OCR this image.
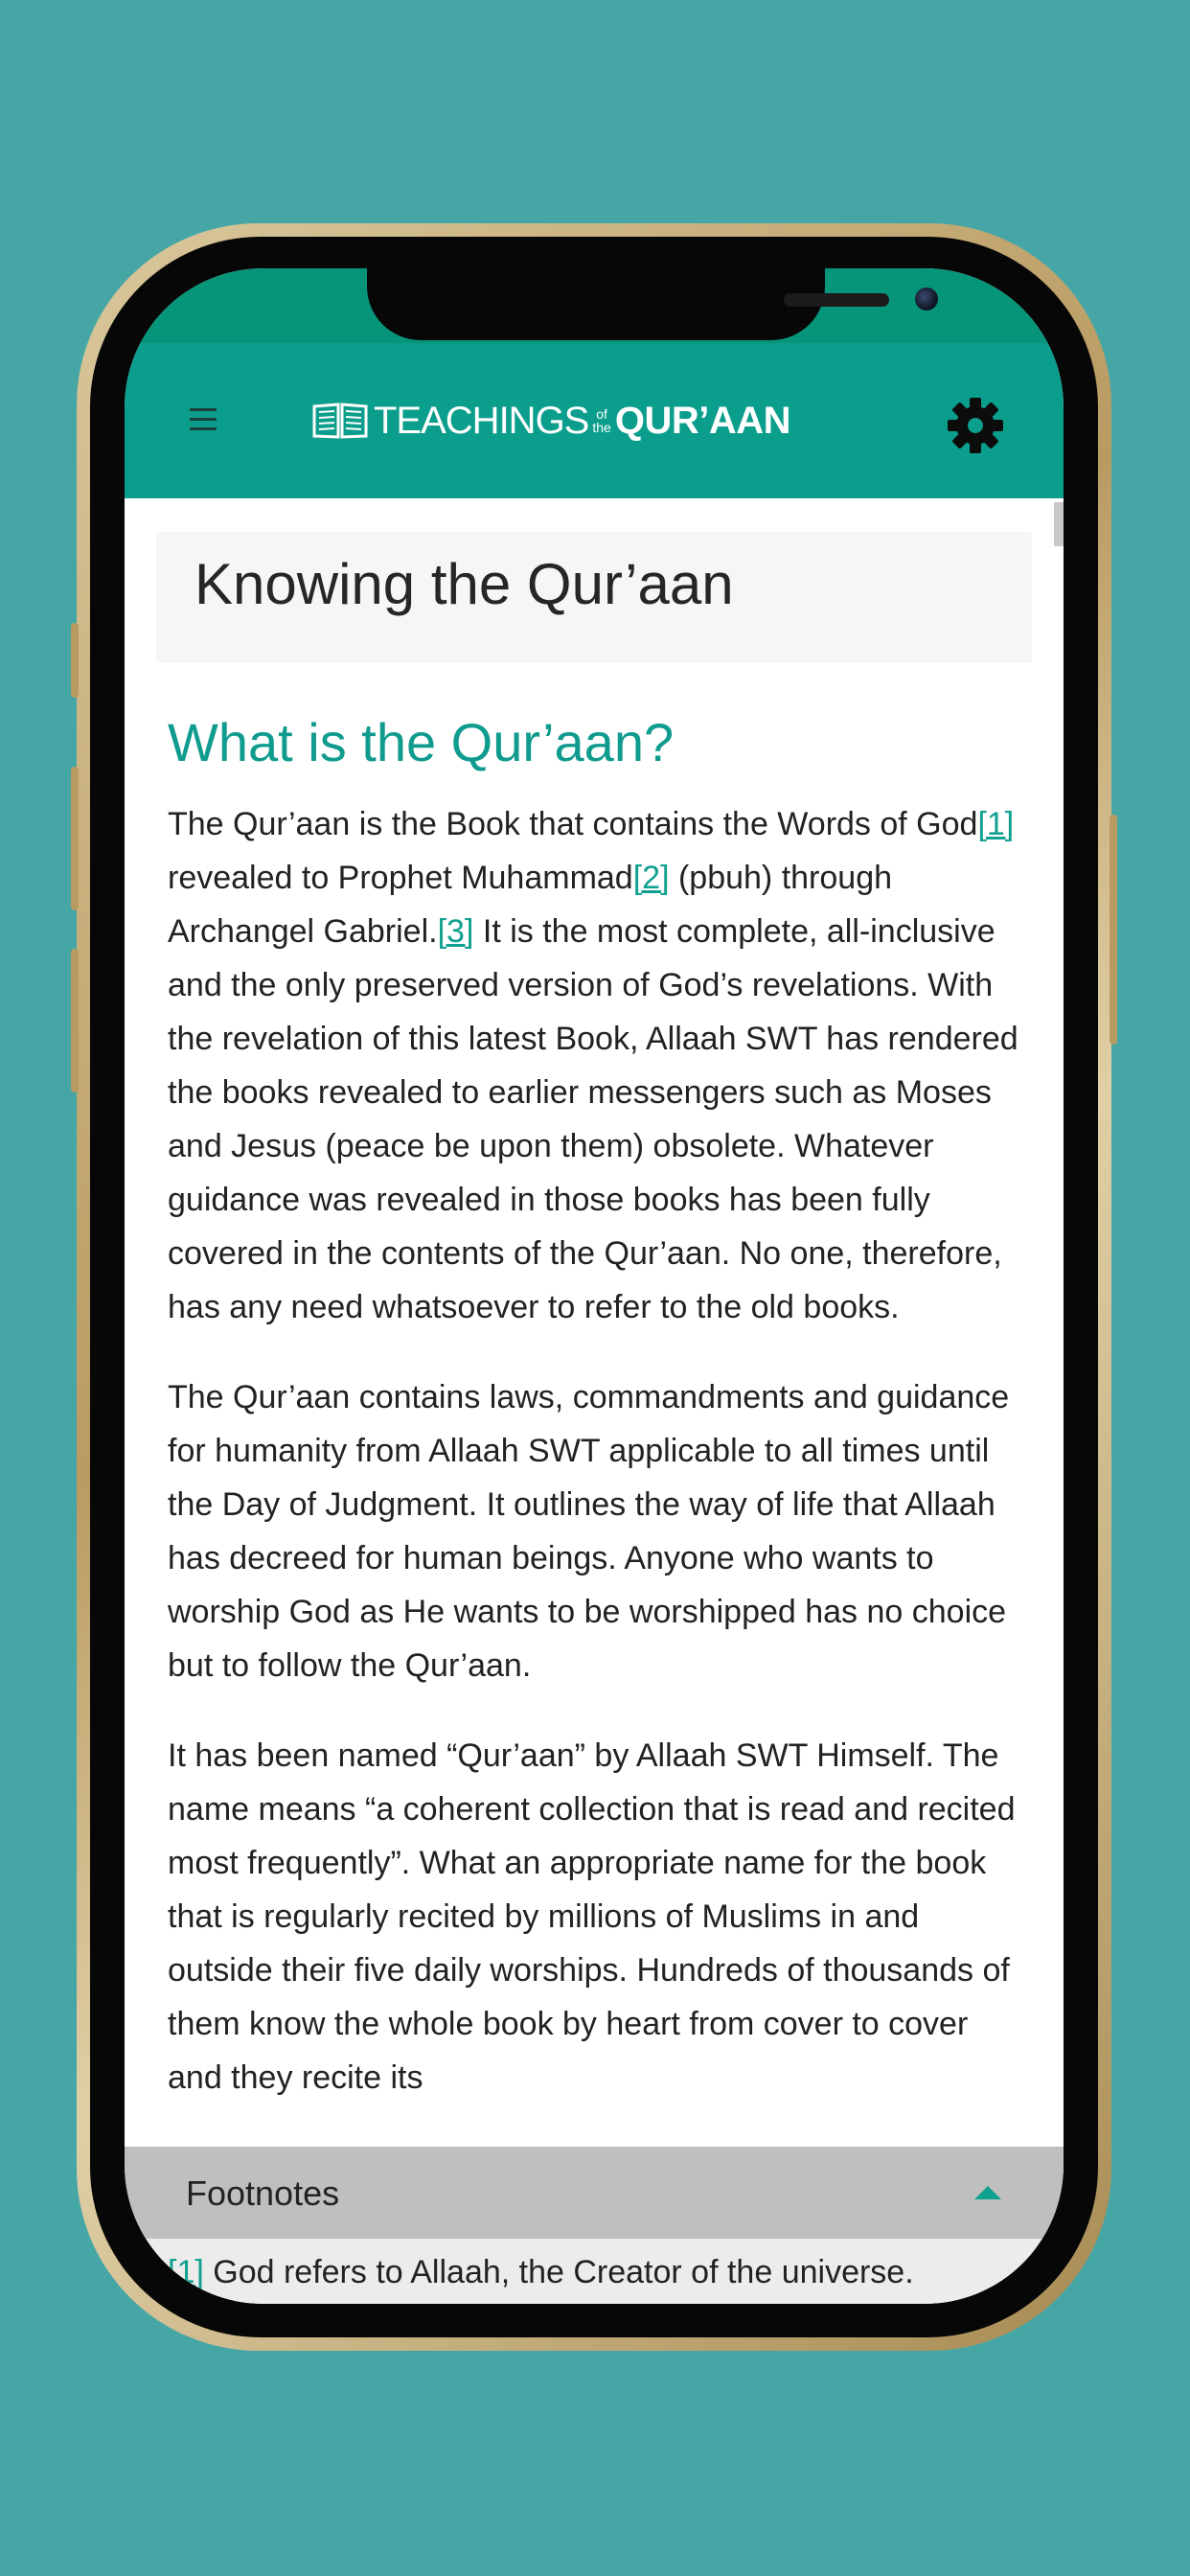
TEACHINGS of
the QUR’AAN
Knowing the Qur’aan
What is the Qur’aan?

The Qur’aan is the Book that contains the Words of God[1] revealed to Prophet Muhammad[2] (pbuh) through Archangel Gabriel.[3] It is the most complete, all-inclusive and the only preserved version of God’s revelations. With the revelation of this latest Book, Allaah SWT has rendered the books revealed to earlier messengers such as Moses and Jesus (peace be upon them) obsolete. Whatever guidance was revealed in those books has been fully covered in the contents of the Qur’aan. No one, therefore, has any need whatsoever to refer to the old books.

The Qur’aan contains laws, commandments and guidance for humanity from Allaah SWT applicable to all times until the Day of Judgment. It outlines the way of life that Allaah has decreed for human beings. Anyone who wants to worship God as He wants to be worshipped has no choice but to follow the Qur’aan.

It has been named “Qur’aan” by Allaah SWT Himself. The name means “a coherent collection that is read and recited most frequently”. What an appropriate name for the book that is regularly recited by millions of Muslims in and outside their five daily worships. Hundreds of thousands of them know the whole book by heart from cover to cover and they recite its

Footnotes
[1] God refers to Allaah, the Creator of the universe.
